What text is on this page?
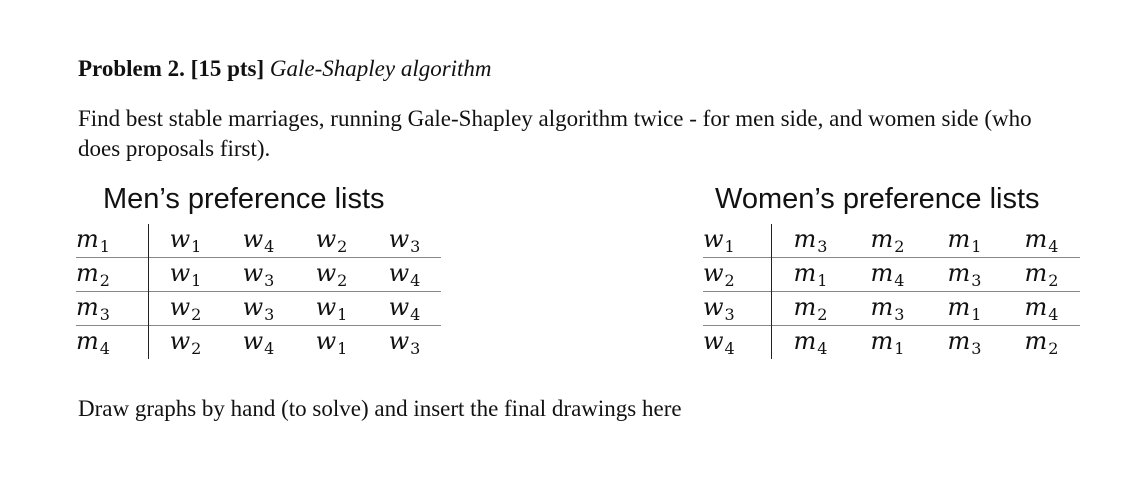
Problem 2. [15 pts] Gale-Shapley algorithm
Find best stable marriages, running Gale-Shapley algorithm twice - for men side, and women side (who does proposals first).
Men’s preference lists
$m_1$	$w_1$	$w_4$	$w_2$	$w_3$
$m_2$	$w_1$	$w_3$	$w_2$	$w_4$
$m_3$	$w_2$	$w_3$	$w_1$	$w_4$
$m_4$	$w_2$	$w_4$	$w_1$	$w_3$
Women’s preference lists
$w_1$	$m_3$	$m_2$	$m_1$	$m_4$
$w_2$	$m_1$	$m_4$	$m_3$	$m_2$
$w_3$	$m_2$	$m_3$	$m_1$	$m_4$
$w_4$	$m_4$	$m_1$	$m_3$	$m_2$
Draw graphs by hand (to solve) and insert the final drawings here
